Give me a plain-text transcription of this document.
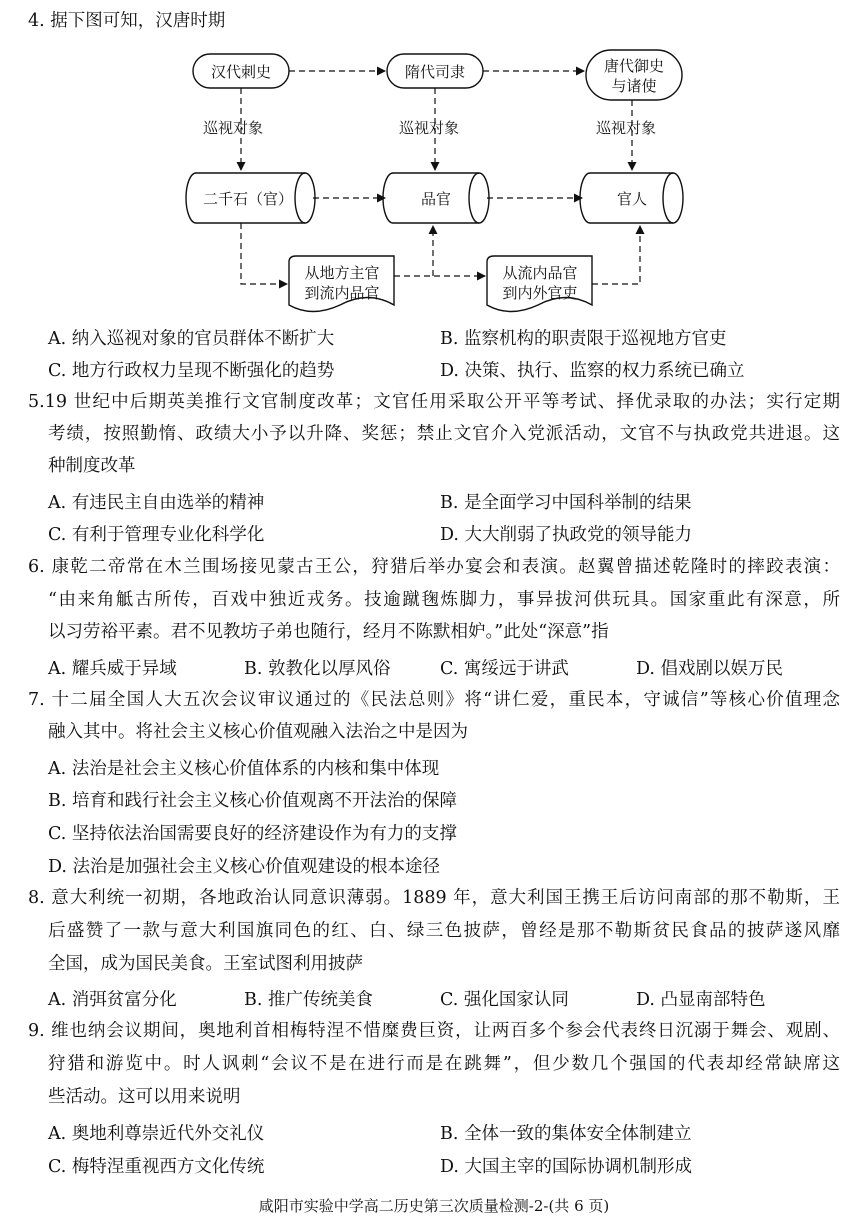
4. 据下图可知，汉唐时期
汉代刺史	隋代司隶	唐代御史
与诸使
巡视对象	巡视对象	巡视对象
二千石（官）	品官	官人
从地方主官
到流内品官
从流内品官
到内外官吏
A. 纳入巡视对象的官员群体不断扩大	B. 监察机构的职责限于巡视地方官吏
C. 地方行政权力呈现不断强化的趋势	D. 决策、执行、监察的权力系统已确立
5.19 世纪中后期英美推行文官制度改革；文官任用采取公开平等考试、择优录取的办法；实行定期
考绩，按照勤惰、政绩大小予以升降、奖惩；禁止文官介入党派活动，文官不与执政党共进退。这
种制度改革
A. 有违民主自由选举的精神	B. 是全面学习中国科举制的结果
C. 有利于管理专业化科学化	D. 大大削弱了执政党的领导能力
6. 康乾二帝常在木兰围场接见蒙古王公，狩猎后举办宴会和表演。赵翼曾描述乾隆时的摔跤表演：
“由来角觝古所传，百戏中独近戎务。技逾蹴毱炼脚力，事异拔河供玩具。国家重此有深意，所
以习劳裕平素。君不见教坊子弟也随行，经月不陈默相妒。”此处“深意”指
A. 耀兵威于异域	B. 敦教化以厚风俗	C. 寓绥远于讲武	D. 倡戏剧以娱万民
7. 十二届全国人大五次会议审议通过的《民法总则》将“讲仁爱，重民本，守诚信”等核心价值理念
融入其中。将社会主义核心价值观融入法治之中是因为
A. 法治是社会主义核心价值体系的内核和集中体现
B. 培育和践行社会主义核心价值观离不开法治的保障
C. 坚持依法治国需要良好的经济建设作为有力的支撑
D. 法治是加强社会主义核心价值观建设的根本途径
8. 意大利统一初期，各地政治认同意识薄弱。1889 年，意大利国王携王后访问南部的那不勒斯，王
后盛赞了一款与意大利国旗同色的红、白、绿三色披萨，曾经是那不勒斯贫民食品的披萨遂风靡
全国，成为国民美食。王室试图利用披萨
A. 消弭贫富分化	B. 推广传统美食	C. 强化国家认同	D. 凸显南部特色
9. 维也纳会议期间，奥地利首相梅特涅不惜糜费巨资，让两百多个参会代表终日沉溺于舞会、观剧、
狩猎和游览中。时人讽刺“会议不是在进行而是在跳舞”，但少数几个强国的代表却经常缺席这
些活动。这可以用来说明
A. 奥地利尊崇近代外交礼仪	B. 全体一致的集体安全体制建立
C. 梅特涅重视西方文化传统	D. 大国主宰的国际协调机制形成
咸阳市实验中学高二历史第三次质量检测-2-(共 6 页)
